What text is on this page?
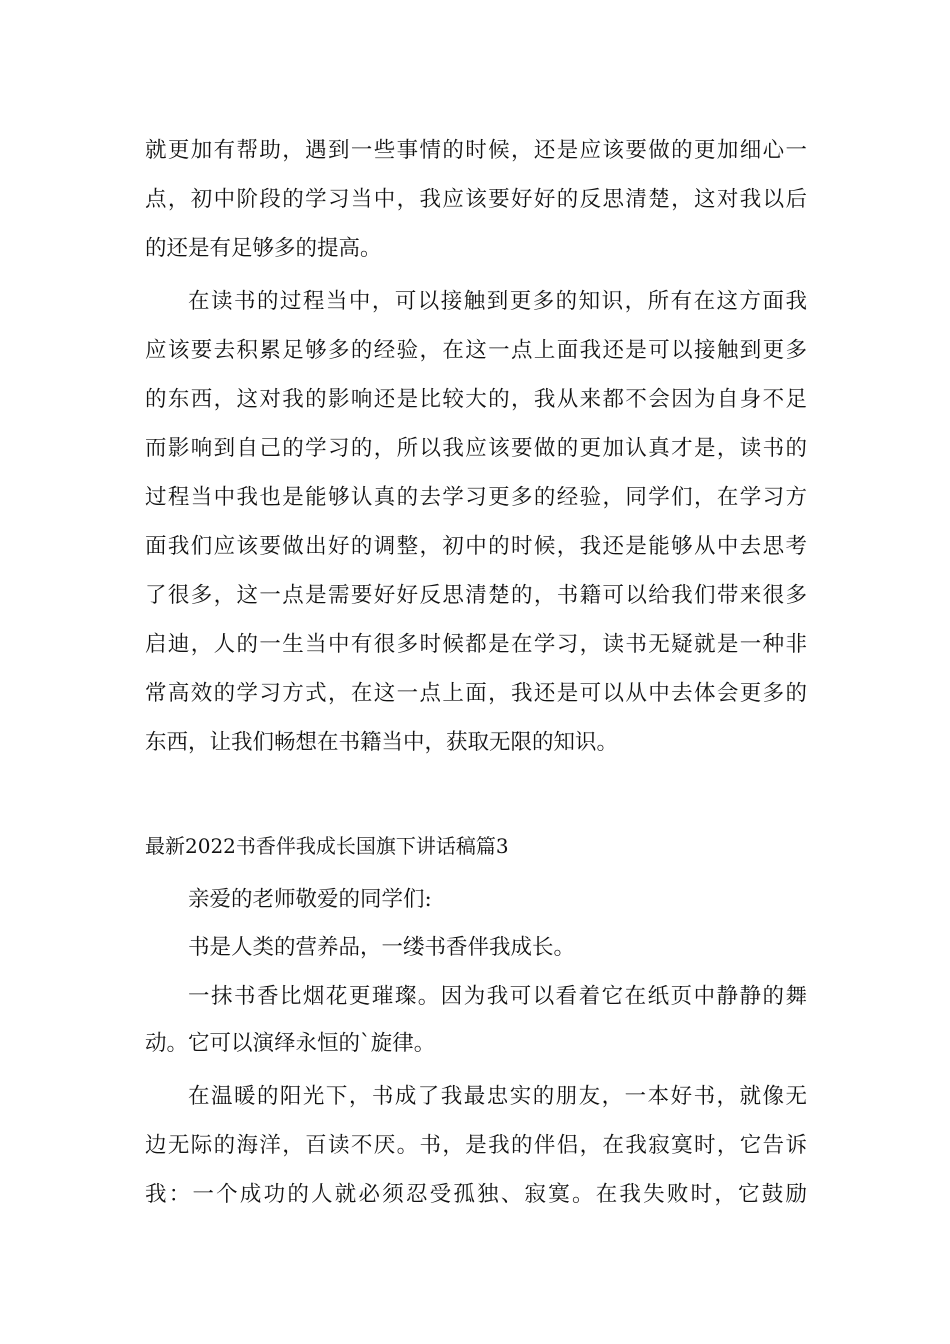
就更加有帮助，遇到一些事情的时候，还是应该要做的更加细心一
点，初中阶段的学习当中，我应该要好好的反思清楚，这对我以后
的还是有足够多的提高。
在读书的过程当中，可以接触到更多的知识，所有在这方面我
应该要去积累足够多的经验，在这一点上面我还是可以接触到更多
的东西，这对我的影响还是比较大的，我从来都不会因为自身不足
而影响到自己的学习的，所以我应该要做的更加认真才是，读书的
过程当中我也是能够认真的去学习更多的经验，同学们，在学习方
面我们应该要做出好的调整，初中的时候，我还是能够从中去思考
了很多，这一点是需要好好反思清楚的，书籍可以给我们带来很多
启迪，人的一生当中有很多时候都是在学习，读书无疑就是一种非
常高效的学习方式，在这一点上面，我还是可以从中去体会更多的
东西，让我们畅想在书籍当中，获取无限的知识。
最新2022书香伴我成长国旗下讲话稿篇3
亲爱的老师敬爱的同学们:
书是人类的营养品，一缕书香伴我成长。
一抹书香比烟花更璀璨。因为我可以看着它在纸页中静静的舞
动。它可以演绎永恒的`旋律。
在温暖的阳光下，书成了我最忠实的朋友，一本好书，就像无
边无际的海洋，百读不厌。书，是我的伴侣，在我寂寞时，它告诉
我：一个成功的人就必须忍受孤独、寂寞。在我失败时，它鼓励
